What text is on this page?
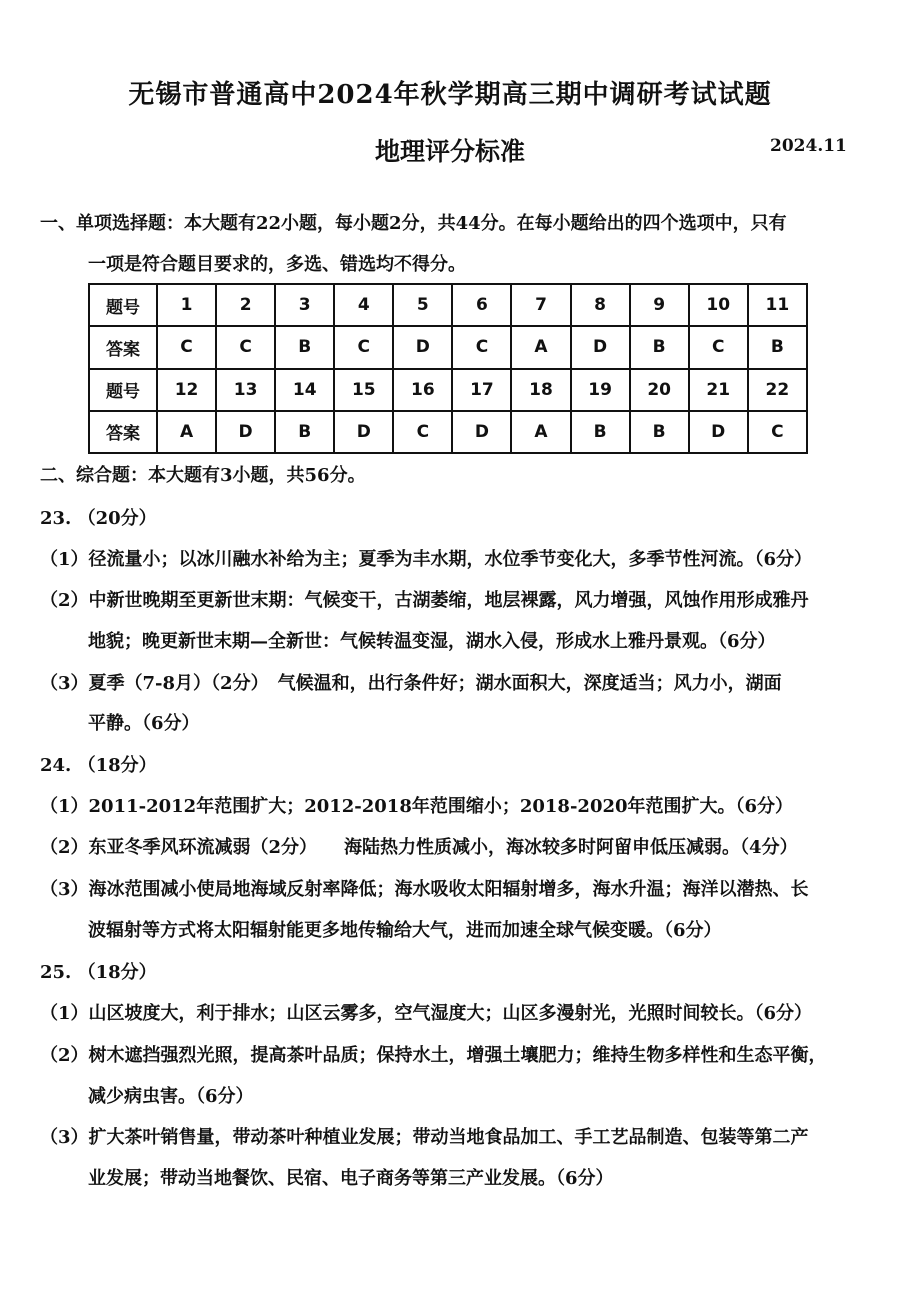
无锡市普通高中2024年秋学期高三期中调研考试试题
地理评分标准	2024.11
一、单项选择题：本大题有22小题，每小题2分，共44分。在每小题给出的四个选项中，只有
一项是符合题目要求的，多选、错选均不得分。
题号	1	2	3	4	5	6	7	8	9	10	11
答案	C	C	B	C	D	C	A	D	B	C	B
题号	12	13	14	15	16	17	18	19	20	21	22
答案	A	D	B	D	C	D	A	B	B	D	C
二、综合题：本大题有3小题，共56分。
23. （20分）
（1）径流量小；以冰川融水补给为主；夏季为丰水期，水位季节变化大，多季节性河流。（6分）
（2）中新世晚期至更新世末期：气候变干，古湖萎缩，地层裸露，风力增强，风蚀作用形成雅丹
地貌；晚更新世末期—全新世：气候转温变湿，湖水入侵，形成水上雅丹景观。（6分）
（3）夏季（7-8月）（2分）　气候温和，出行条件好；湖水面积大，深度适当；风力小，湖面
平静。（6分）
24. （18分）
（1）2011-2012年范围扩大；2012-2018年范围缩小；2018-2020年范围扩大。（6分）
（2）东亚冬季风环流减弱（2分）　　海陆热力性质减小，海冰较多时阿留申低压减弱。（4分）
（3）海冰范围减小使局地海域反射率降低；海水吸收太阳辐射增多，海水升温；海洋以潜热、长
波辐射等方式将太阳辐射能更多地传输给大气，进而加速全球气候变暖。（6分）
25. （18分）
（1）山区坡度大，利于排水；山区云雾多，空气湿度大；山区多漫射光，光照时间较长。（6分）
（2）树木遮挡强烈光照，提高茶叶品质；保持水土，增强土壤肥力；维持生物多样性和生态平衡，
减少病虫害。（6分）
（3）扩大茶叶销售量，带动茶叶种植业发展；带动当地食品加工、手工艺品制造、包装等第二产
业发展；带动当地餐饮、民宿、电子商务等第三产业发展。（6分）
